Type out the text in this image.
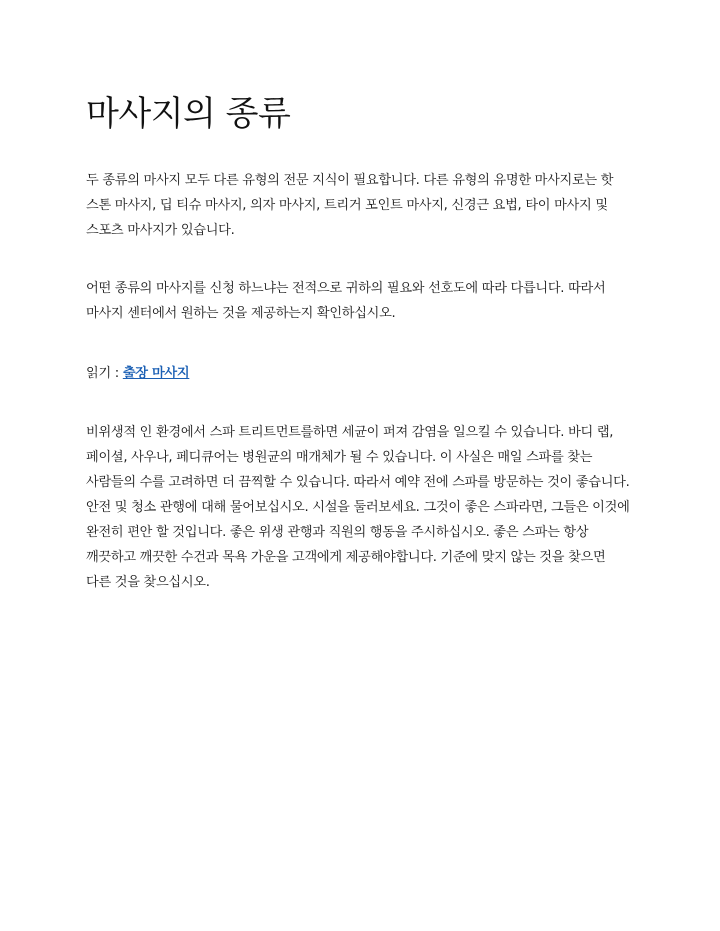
마사지의 종류

두 종류의 마사지 모두 다른 유형의 전문 지식이 필요합니다. 다른 유형의 유명한 마사지로는 핫
스톤 마사지, 딥 티슈 마사지, 의자 마사지, 트리거 포인트 마사지, 신경근 요법, 타이 마사지 및
스포츠 마사지가 있습니다.

어떤 종류의 마사지를 신청 하느냐는 전적으로 귀하의 필요와 선호도에 따라 다릅니다. 따라서
마사지 센터에서 원하는 것을 제공하는지 확인하십시오.

읽기 : 출장 마사지

비위생적 인 환경에서 스파 트리트먼트를하면 세균이 퍼져 감염을 일으킬 수 있습니다. 바디 랩,
페이셜, 사우나, 페디큐어는 병원균의 매개체가 될 수 있습니다. 이 사실은 매일 스파를 찾는
사람들의 수를 고려하면 더 끔찍할 수 있습니다. 따라서 예약 전에 스파를 방문하는 것이 좋습니다.
안전 및 청소 관행에 대해 물어보십시오. 시설을 둘러보세요. 그것이 좋은 스파라면, 그들은 이것에
완전히 편안 할 것입니다. 좋은 위생 관행과 직원의 행동을 주시하십시오. 좋은 스파는 항상
깨끗하고 깨끗한 수건과 목욕 가운을 고객에게 제공해야합니다. 기준에 맞지 않는 것을 찾으면
다른 것을 찾으십시오.
